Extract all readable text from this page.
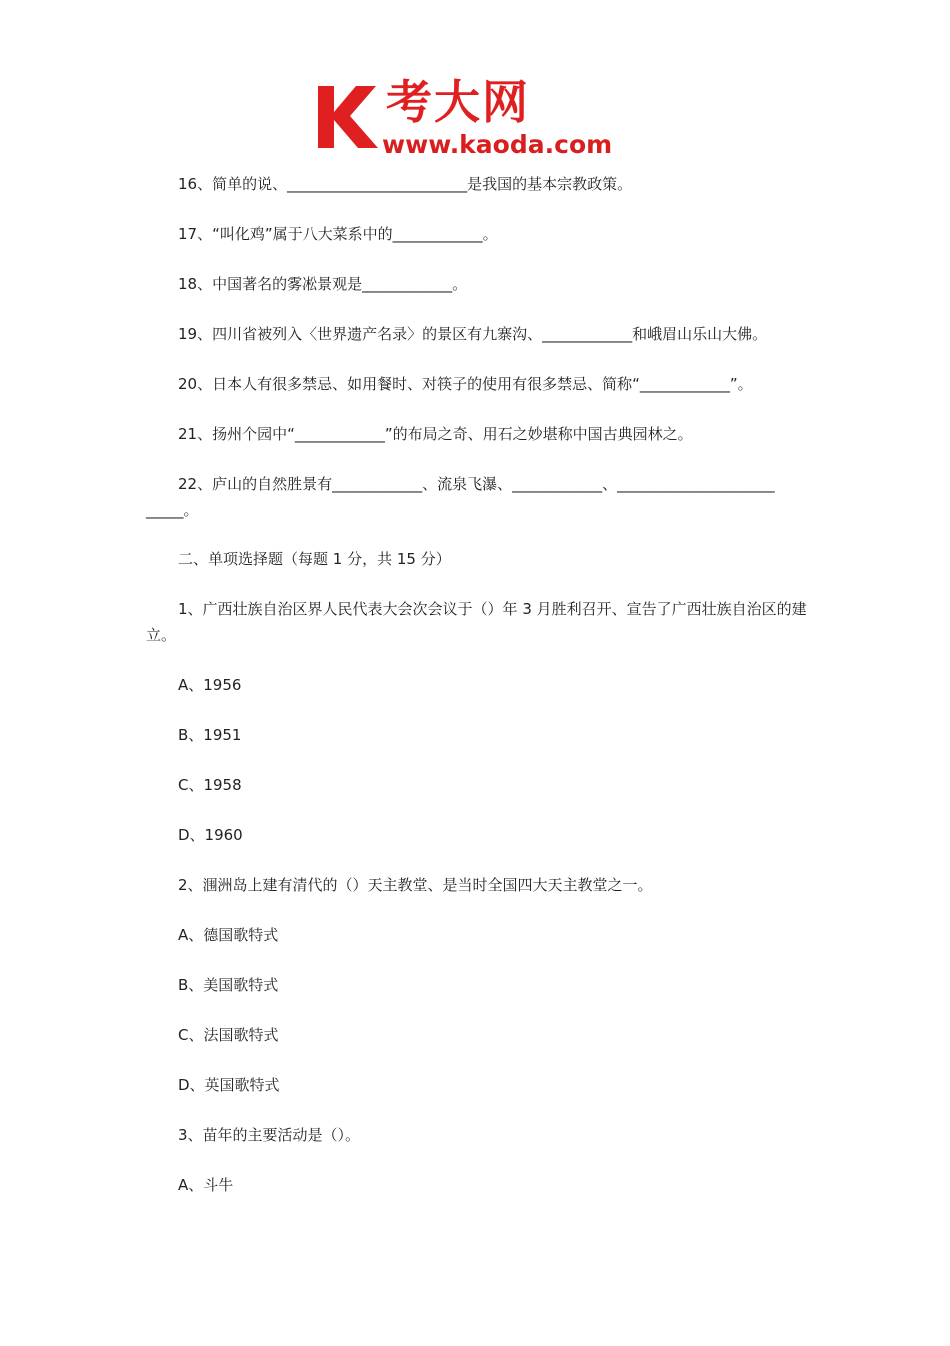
考大网
www.kaoda.com
16、简单的说、________________________是我国的基本宗教政策。
17、“叫化鸡”属于八大菜系中的____________。
18、中国著名的雾凇景观是____________。
19、四川省被列入〈世界遗产名录〉的景区有九寨沟、____________和峨眉山乐山大佛。
20、日本人有很多禁忌、如用餐时、对筷子的使用有很多禁忌、简称“____________”。
21、扬州个园中“____________”的布局之奇、用石之妙堪称中国古典园林之。
22、庐山的自然胜景有____________、流泉飞瀑、____________、_____________________ _____。
二、单项选择题（每题 1 分，共 15 分）
1、广西壮族自治区界人民代表大会次会议于（）年 3 月胜利召开、宣告了广西壮族自治区的建立。
A、1956
B、1951
C、1958
D、1960
2、涠洲岛上建有清代的（）天主教堂、是当时全国四大天主教堂之一。
A、德国歌特式
B、美国歌特式
C、法国歌特式
D、英国歌特式
3、苗年的主要活动是（）。
A、斗牛
